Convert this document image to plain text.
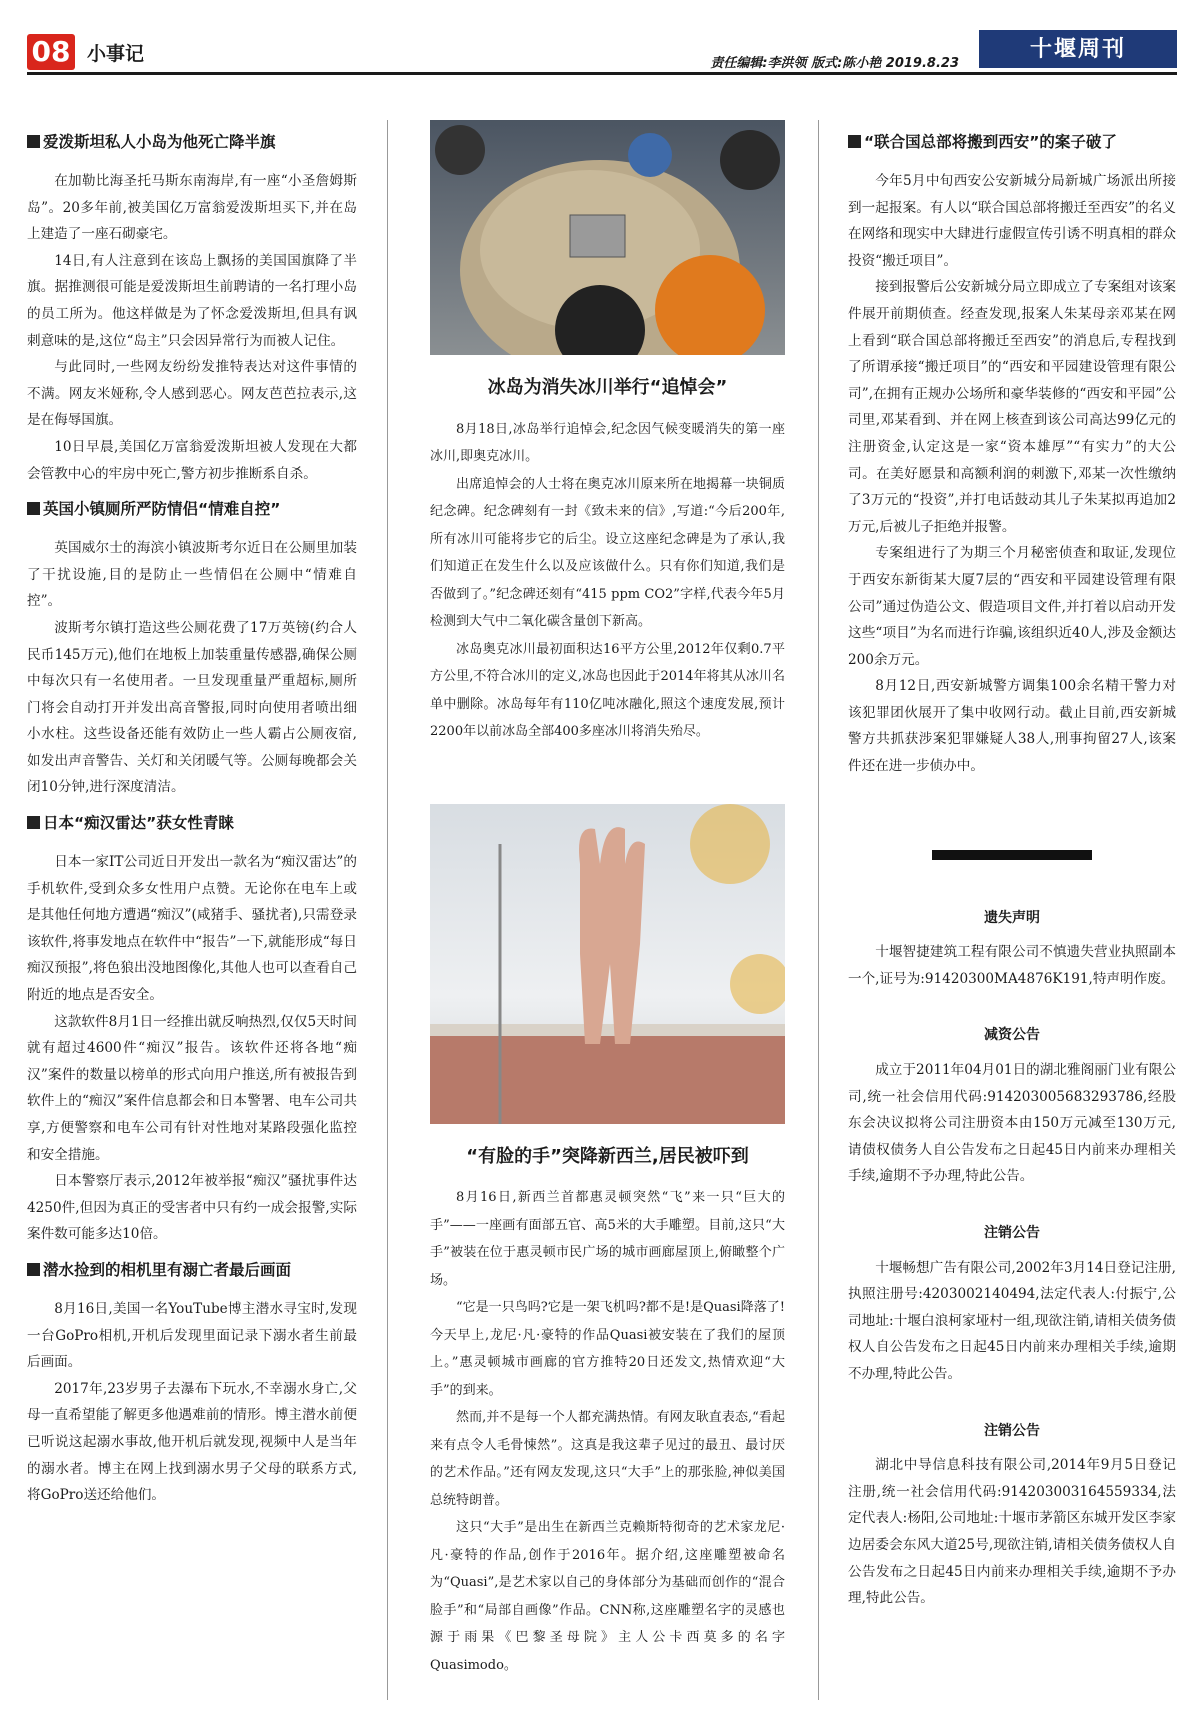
08 小事记	责任编辑:李洪领 版式:陈小艳 2019.8.23
十堰周刊
爱泼斯坦私人小岛为他死亡降半旗

在加勒比海圣托马斯东南海岸,有一座“小圣詹姆斯岛”。20多年前,被美国亿万富翁爱泼斯坦买下,并在岛上建造了一座石砌豪宅。

14日,有人注意到在该岛上飘扬的美国国旗降了半旗。据推测很可能是爱泼斯坦生前聘请的一名打理小岛的员工所为。他这样做是为了怀念爱泼斯坦,但具有讽刺意味的是,这位“岛主”只会因异常行为而被人记住。

与此同时,一些网友纷纷发推特表达对这件事情的不满。网友米娅称,令人感到恶心。网友芭芭拉表示,这是在侮辱国旗。

10日早晨,美国亿万富翁爱泼斯坦被人发现在大都会管教中心的牢房中死亡,警方初步推断系自杀。

英国小镇厕所严防情侣“情难自控”

英国威尔士的海滨小镇波斯考尔近日在公厕里加装了干扰设施,目的是防止一些情侣在公厕中“情难自控”。

波斯考尔镇打造这些公厕花费了17万英镑(约合人民币145万元),他们在地板上加装重量传感器,确保公厕中每次只有一名使用者。一旦发现重量严重超标,厕所门将会自动打开并发出高音警报,同时向使用者喷出细小水柱。这些设备还能有效防止一些人霸占公厕夜宿,如发出声音警告、关灯和关闭暖气等。公厕每晚都会关闭10分钟,进行深度清洁。

日本“痴汉雷达”获女性青睐

日本一家IT公司近日开发出一款名为“痴汉雷达”的手机软件,受到众多女性用户点赞。无论你在电车上或是其他任何地方遭遇“痴汉”(咸猪手、骚扰者),只需登录该软件,将事发地点在软件中“报告”一下,就能形成“每日痴汉预报”,将色狼出没地图像化,其他人也可以查看自己附近的地点是否安全。

这款软件8月1日一经推出就反响热烈,仅仅5天时间就有超过4600件“痴汉”报告。该软件还将各地“痴汉”案件的数量以榜单的形式向用户推送,所有被报告到软件上的“痴汉”案件信息都会和日本警署、电车公司共享,方便警察和电车公司有针对性地对某路段强化监控和安全措施。

日本警察厅表示,2012年被举报“痴汉”骚扰事件达4250件,但因为真正的受害者中只有约一成会报警,实际案件数可能多达10倍。

潜水捡到的相机里有溺亡者最后画面

8月16日,美国一名YouTube博主潜水寻宝时,发现一台GoPro相机,开机后发现里面记录下溺水者生前最后画面。

2017年,23岁男子去瀑布下玩水,不幸溺水身亡,父母一直希望能了解更多他遇难前的情形。博主潜水前便已听说这起溺水事故,他开机后就发现,视频中人是当年的溺水者。博主在网上找到溺水男子父母的联系方式,将GoPro送还给他们。

冰岛为消失冰川举行“追悼会”

8月18日,冰岛举行追悼会,纪念因气候变暖消失的第一座冰川,即奥克冰川。

出席追悼会的人士将在奥克冰川原来所在地揭幕一块铜质纪念碑。纪念碑刻有一封《致未来的信》,写道:“今后200年,所有冰川可能将步它的后尘。设立这座纪念碑是为了承认,我们知道正在发生什么以及应该做什么。只有你们知道,我们是否做到了。”纪念碑还刻有“415 ppm CO2”字样,代表今年5月检测到大气中二氧化碳含量创下新高。

冰岛奥克冰川最初面积达16平方公里,2012年仅剩0.7平方公里,不符合冰川的定义,冰岛也因此于2014年将其从冰川名单中删除。冰岛每年有110亿吨冰融化,照这个速度发展,预计2200年以前冰岛全部400多座冰川将消失殆尽。

“有脸的手”突降新西兰,居民被吓到

8月16日,新西兰首都惠灵顿突然“飞”来一只“巨大的手”——一座画有面部五官、高5米的大手雕塑。目前,这只“大手”被装在位于惠灵顿市民广场的城市画廊屋顶上,俯瞰整个广场。

“它是一只鸟吗?它是一架飞机吗?都不是!是Quasi降落了!今天早上,龙尼·凡·豪特的作品Quasi被安装在了我们的屋顶上。”惠灵顿城市画廊的官方推特20日还发文,热情欢迎“大手”的到来。

然而,并不是每一个人都充满热情。有网友耿直表态,“看起来有点令人毛骨悚然”。这真是我这辈子见过的最丑、最讨厌的艺术作品。”还有网友发现,这只“大手”上的那张脸,神似美国总统特朗普。

这只“大手”是出生在新西兰克赖斯特彻奇的艺术家龙尼·凡·豪特的作品,创作于2016年。据介绍,这座雕塑被命名为“Quasi”,是艺术家以自己的身体部分为基础而创作的“混合脸手”和“局部自画像”作品。CNN称,这座雕塑名字的灵感也源于雨果《巴黎圣母院》主人公卡西莫多的名字Quasimodo。

“联合国总部将搬到西安”的案子破了

今年5月中旬西安公安新城分局新城广场派出所接到一起报案。有人以“联合国总部将搬迁至西安”的名义在网络和现实中大肆进行虚假宣传引诱不明真相的群众投资“搬迁项目”。

接到报警后公安新城分局立即成立了专案组对该案件展开前期侦查。经查发现,报案人朱某母亲邓某在网上看到“联合国总部将搬迁至西安”的消息后,专程找到了所谓承接“搬迁项目”的“西安和平园建设管理有限公司”,在拥有正规办公场所和豪华装修的“西安和平园”公司里,邓某看到、并在网上核查到该公司高达99亿元的注册资金,认定这是一家“资本雄厚”“有实力”的大公司。在美好愿景和高额利润的刺激下,邓某一次性缴纳了3万元的“投资”,并打电话鼓动其儿子朱某拟再追加2万元,后被儿子拒绝并报警。

专案组进行了为期三个月秘密侦查和取证,发现位于西安东新街某大厦7层的“西安和平园建设管理有限公司”通过伪造公文、假造项目文件,并打着以启动开发这些“项目”为名而进行诈骗,该组织近40人,涉及金额达200余万元。

8月12日,西安新城警方调集100余名精干警力对该犯罪团伙展开了集中收网行动。截止目前,西安新城警方共抓获涉案犯罪嫌疑人38人,刑事拘留27人,该案件还在进一步侦办中。

遗失声明

十堰智捷建筑工程有限公司不慎遗失营业执照副本一个,证号为:91420300MA4876K191,特声明作废。

减资公告

成立于2011年04月01日的湖北雅阁丽门业有限公司,统一社会信用代码:914203005683293786,经股东会决议拟将公司注册资本由150万元减至130万元,请债权债务人自公告发布之日起45日内前来办理相关手续,逾期不予办理,特此公告。

注销公告

十堰畅想广告有限公司,2002年3月14日登记注册,执照注册号:4203002140494,法定代表人:付振宁,公司地址:十堰白浪柯家垭村一组,现欲注销,请相关债务债权人自公告发布之日起45日内前来办理相关手续,逾期不办理,特此公告。

注销公告

湖北中导信息科技有限公司,2014年9月5日登记注册,统一社会信用代码:91420300316455933​4,法定代表人:杨阳,公司地址:十堰市茅箭区东城开发区李家边居委会东风大道25号,现欲注销,请相关债务债权人自公告发布之日起45日内前来办理相关手续,逾期不予办理,特此公告。
